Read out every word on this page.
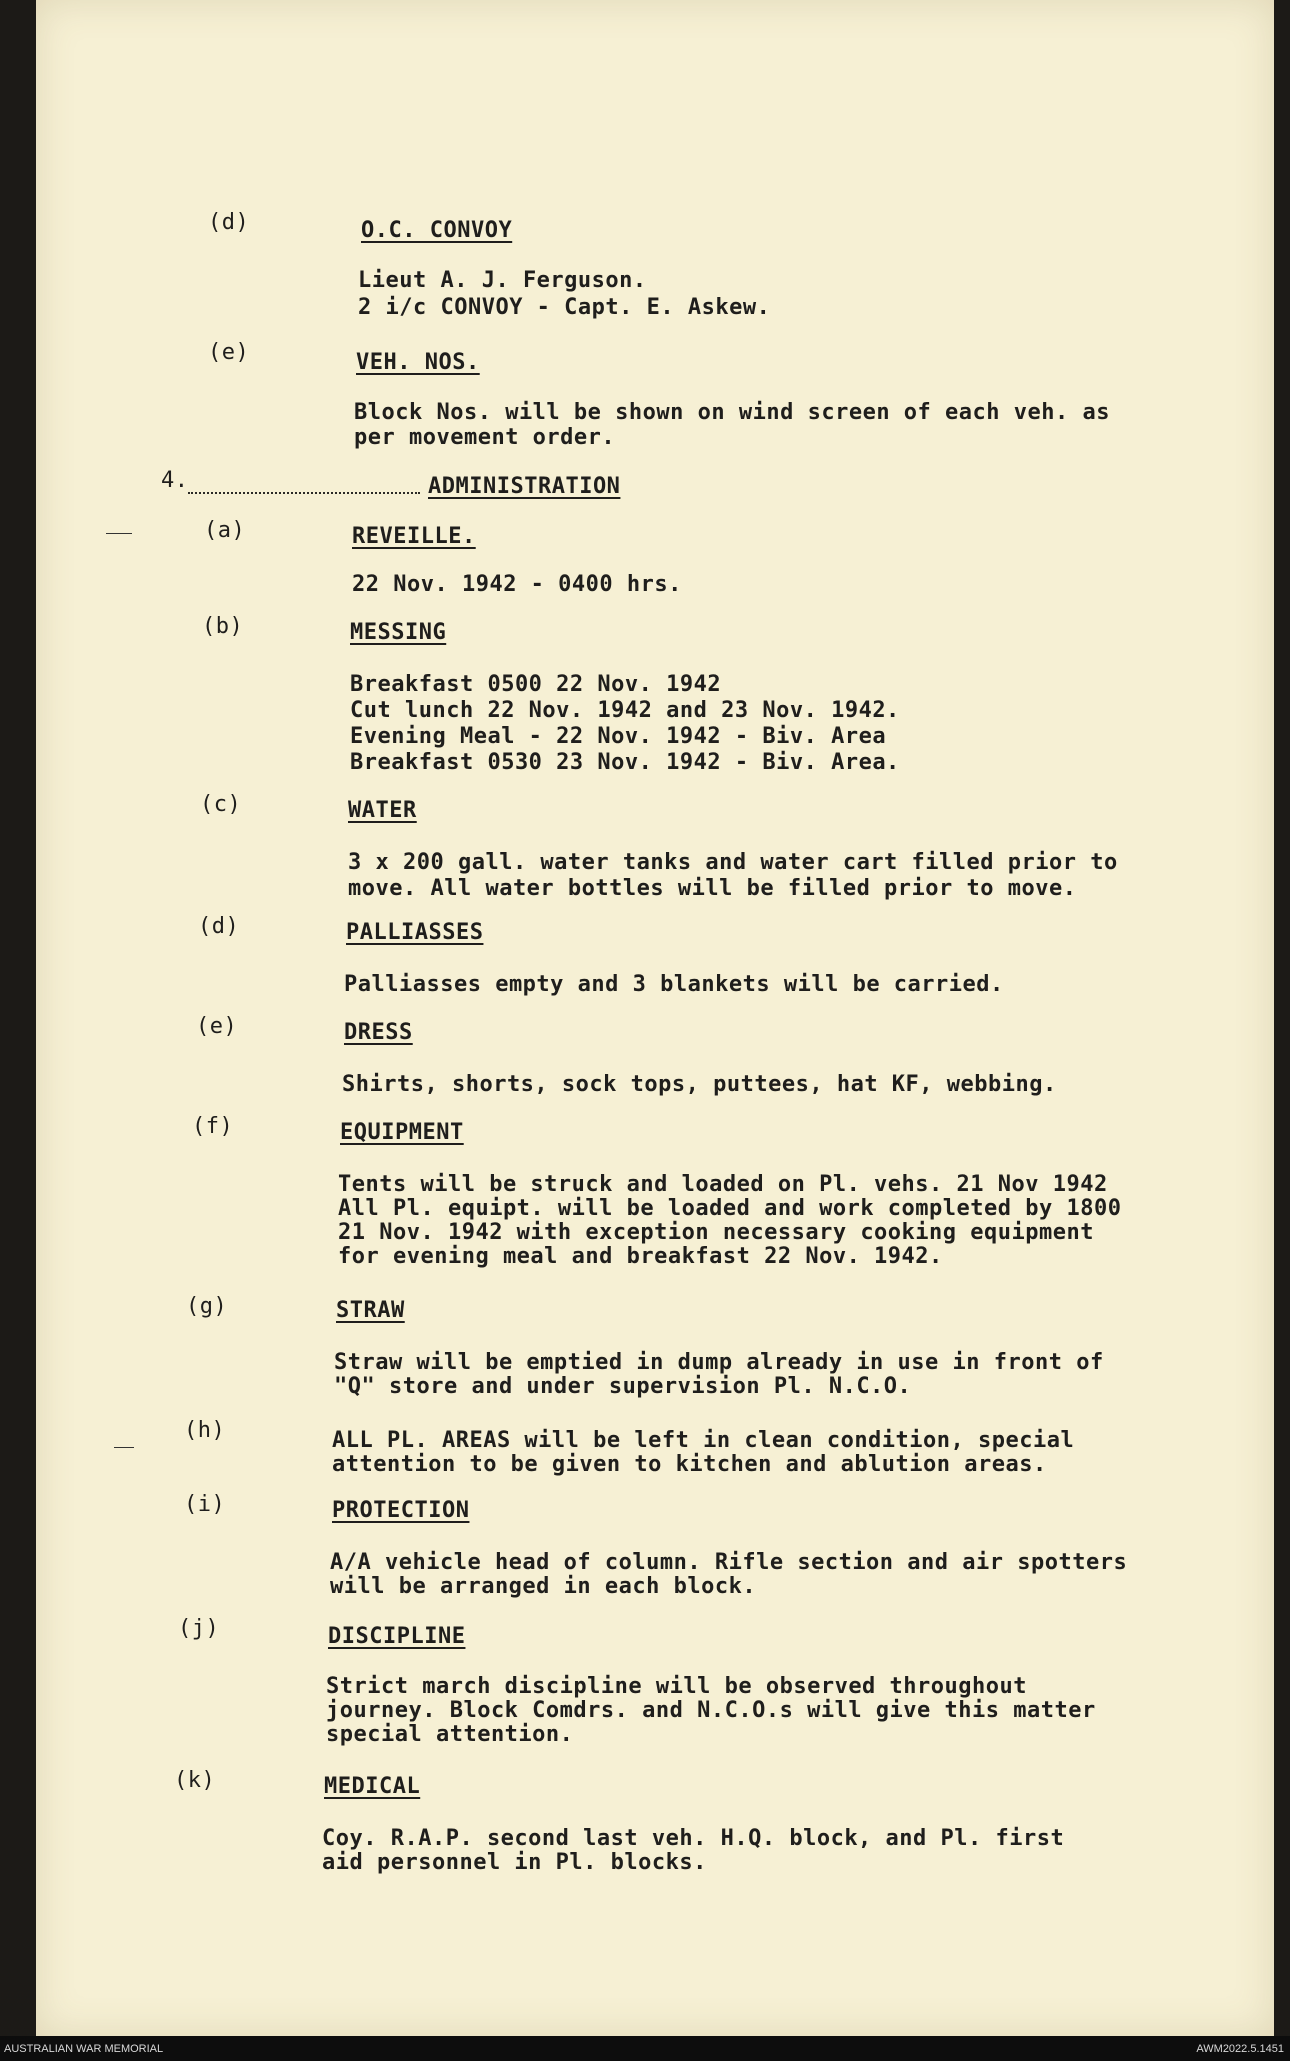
(d)	O.C. CONVOY
Lieut A. J. Ferguson.
2 i/c CONVOY - Capt. E. Askew.
(e)	VEH. NOS.
Block Nos. will be shown on wind screen of each veh. as
per movement order.
4.	ADMINISTRATION
(a)	REVEILLE.
22 Nov. 1942 - 0400 hrs.
(b)	MESSING
Breakfast 0500 22 Nov. 1942
Cut lunch 22 Nov. 1942 and 23 Nov. 1942.
Evening Meal - 22 Nov. 1942 - Biv. Area
Breakfast 0530 23 Nov. 1942 - Biv. Area.
(c)	WATER
3 x 200 gall. water tanks and water cart filled prior to
move. All water bottles will be filled prior to move.
(d)	PALLIASSES
Palliasses empty and 3 blankets will be carried.
(e)	DRESS
Shirts, shorts, sock tops, puttees, hat KF, webbing.
(f)	EQUIPMENT
Tents will be struck and loaded on Pl. vehs. 21 Nov 1942
All Pl. equipt. will be loaded and work completed by 1800
21 Nov. 1942 with exception necessary cooking equipment
for evening meal and breakfast 22 Nov. 1942.
(g)	STRAW
Straw will be emptied in dump already in use in front of
"Q" store and under supervision Pl. N.C.O.
(h)	ALL PL. AREAS will be left in clean condition, special
attention to be given to kitchen and ablution areas.
(i)	PROTECTION
A/A vehicle head of column. Rifle section and air spotters
will be arranged in each block.
(j)	DISCIPLINE
Strict march discipline will be observed throughout
journey. Block Comdrs. and N.C.O.s will give this matter
special attention.
(k)	MEDICAL
Coy. R.A.P. second last veh. H.Q. block, and Pl. first
aid personnel in Pl. blocks.
AUSTRALIAN WAR MEMORIAL	AWM2022.5.1451
